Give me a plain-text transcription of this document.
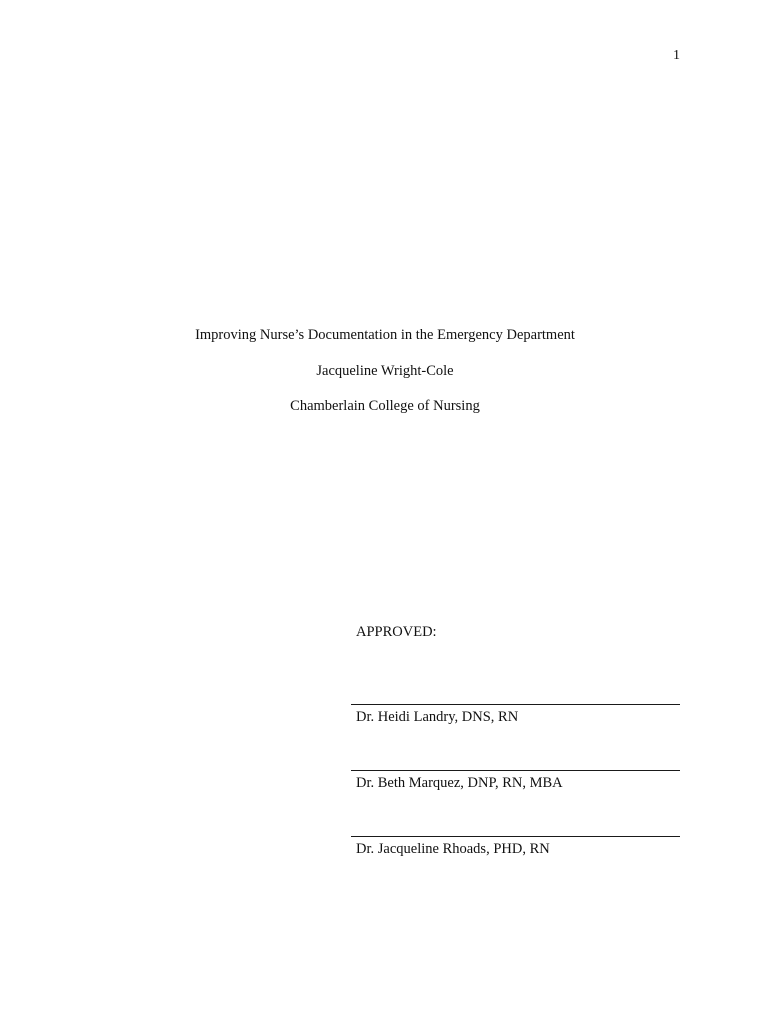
1
Improving Nurse’s Documentation in the Emergency Department
Jacqueline Wright-Cole
Chamberlain College of Nursing
APPROVED:
Dr. Heidi Landry, DNS, RN
Dr. Beth Marquez, DNP, RN, MBA
Dr. Jacqueline Rhoads, PHD, RN
